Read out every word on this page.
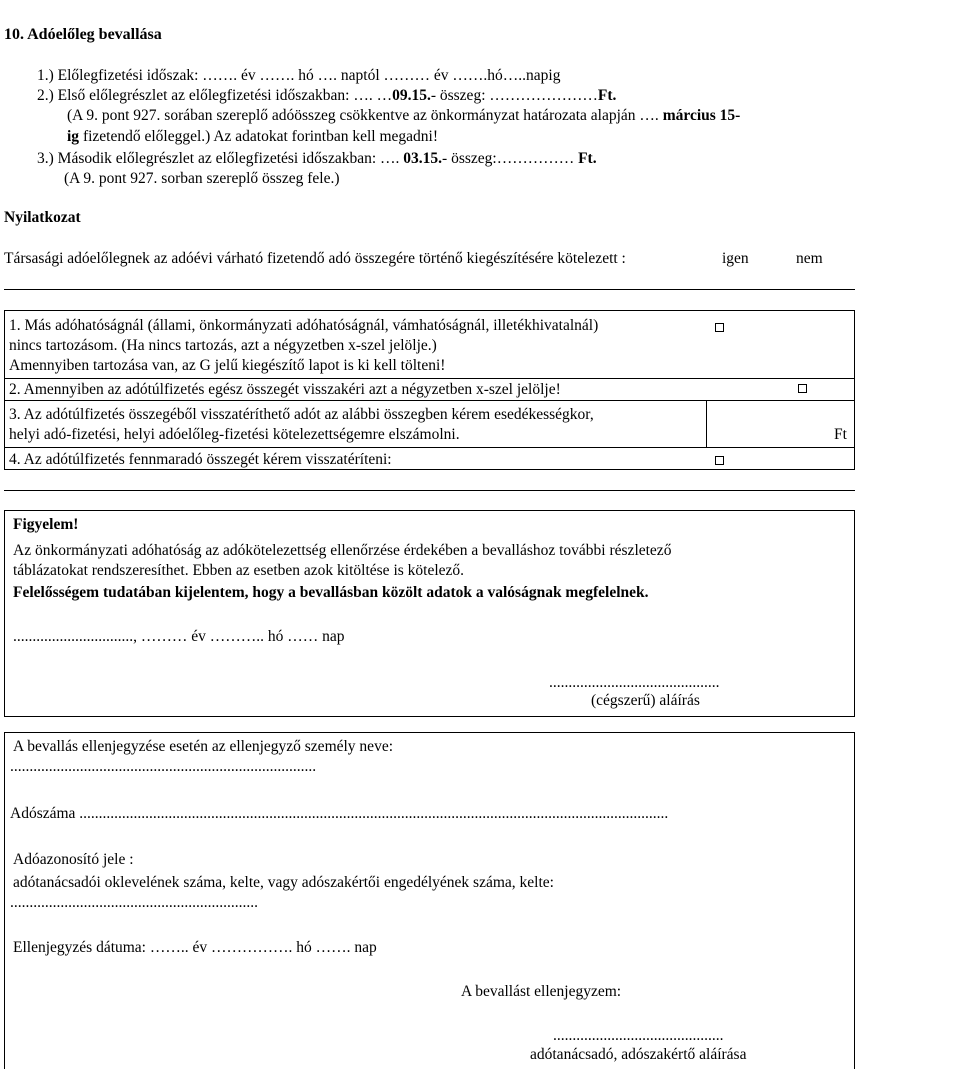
10. Adóelőleg bevallása
1.) Előlegfizetési időszak: ……. év ……. hó …. naptól ……… év …….hó…..napig
2.) Első előlegrészlet az előlegfizetési időszakban: …. …09.15.- összeg: …………………Ft.
(A 9. pont 927. sorában szereplő adóösszeg csökkentve az önkormányzat határozata alapján …. március 15-
ig fizetendő előleggel.) Az adatokat forintban kell megadni!
3.) Második előlegrészlet az előlegfizetési időszakban: …. 03.15.- összeg:…………… Ft.
(A 9. pont 927. sorban szereplő összeg fele.)
Nyilatkozat
Társasági adóelőlegnek az adóévi várható fizetendő adó összegére történő kiegészítésére kötelezett :	igen	nem
1. Más adóhatóságnál (állami, önkormányzati adóhatóságnál, vámhatóságnál, illetékhivatalnál)
nincs tartozásom. (Ha nincs tartozás, azt a négyzetben x-szel jelölje.)
Amennyiben tartozása van, az G jelű kiegészítő lapot is ki kell tölteni!
2. Amennyiben az adótúlfizetés egész összegét visszakéri azt a négyzetben x-szel jelölje!
3. Az adótúlfizetés összegéből visszatéríthető adót az alábbi összegben kérem esedékességkor,
helyi adó-fizetési, helyi adóelőleg-fizetési kötelezettségemre elszámolni.	Ft
4. Az adótúlfizetés fennmaradó összegét kérem visszatéríteni:
Figyelem!
Az önkormányzati adóhatóság az adókötelezettség ellenőrzése érdekében a bevalláshoz további részletező
táblázatokat rendszeresíthet. Ebben az esetben azok kitöltése is kötelező.
Felelősségem tudatában kijelentem, hogy a bevallásban közölt adatok a valóságnak megfelelnek.
..............................., ……… év ……….. hó …… nap
............................................
(cégszerű) aláírás
A bevallás ellenjegyzése esetén az ellenjegyző személy neve:
...............................................................................
Adószáma ........................................................................................................................................................
Adóazonosító jele :
adótanácsadói oklevelének száma, kelte, vagy adószakértői engedélyének száma, kelte:
................................................................
Ellenjegyzés dátuma: …….. év ……………. hó ……. nap
A bevallást ellenjegyzem:
............................................
adótanácsadó, adószakértő aláírása
